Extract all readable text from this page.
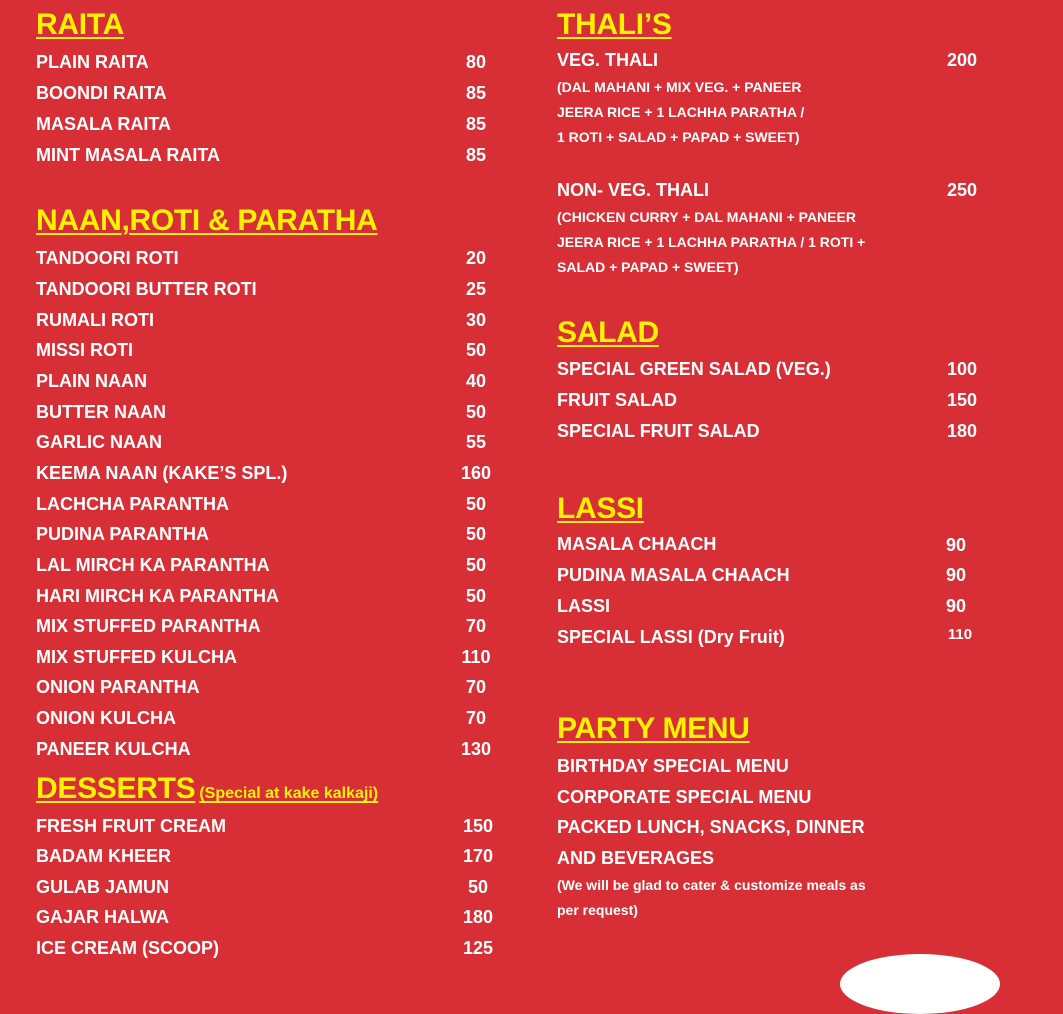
RAITA
PLAIN RAITA	80
BOONDI RAITA	85
MASALA RAITA	85
MINT MASALA RAITA	85
NAAN,ROTI & PARATHA
TANDOORI ROTI	20
TANDOORI BUTTER ROTI	25
RUMALI ROTI	30
MISSI ROTI	50
PLAIN NAAN	40
BUTTER NAAN	50
GARLIC NAAN	55
KEEMA NAAN (KAKE’S SPL.)	160
LACHCHA PARANTHA	50
PUDINA PARANTHA	50
LAL MIRCH KA PARANTHA	50
HARI MIRCH KA PARANTHA	50
MIX STUFFED PARANTHA	70
MIX STUFFED KULCHA	110
ONION PARANTHA	70
ONION KULCHA	70
PANEER KULCHA	130
DESSERTS (Special at kake kalkaji)
FRESH FRUIT CREAM	150
BADAM KHEER	170
GULAB JAMUN	50
GAJAR HALWA	180
ICE CREAM (SCOOP)	125
THALI’S
VEG. THALI	200
(DAL MAHANI + MIX VEG. + PANEER
JEERA RICE + 1 LACHHA PARATHA /
1 ROTI + SALAD + PAPAD + SWEET)
NON- VEG. THALI	250
(CHICKEN CURRY + DAL MAHANI + PANEER
JEERA RICE + 1 LACHHA PARATHA / 1 ROTI +
SALAD + PAPAD + SWEET)
SALAD
SPECIAL GREEN SALAD (VEG.)	100
FRUIT SALAD	150
SPECIAL FRUIT SALAD	180
LASSI
MASALA CHAACH	90
PUDINA MASALA CHAACH	90
LASSI	90
SPECIAL LASSI (Dry Fruit)	110
PARTY MENU
BIRTHDAY SPECIAL MENU
CORPORATE SPECIAL MENU
PACKED LUNCH, SNACKS, DINNER
AND BEVERAGES
(We will be glad to cater & customize meals as
per request)
